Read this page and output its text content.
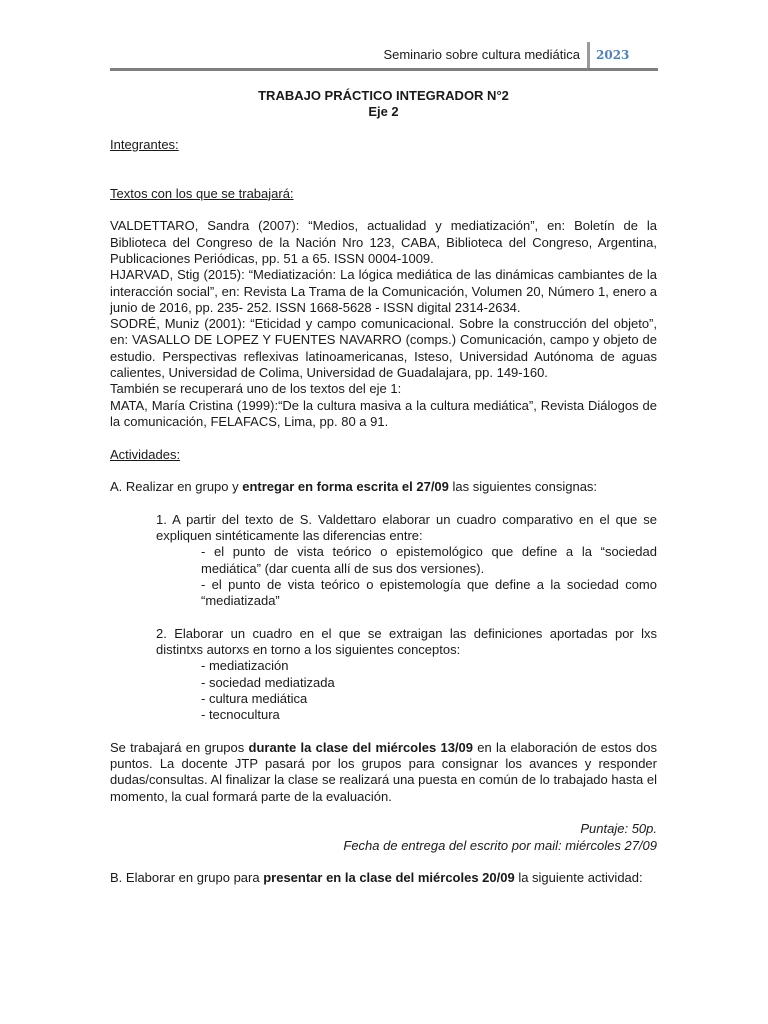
Seminario sobre cultura mediática 2023

TRABAJO PRÁCTICO INTEGRADOR N°2

Eje 2

Integrantes:

Textos con los que se trabajará:

VALDETTARO, Sandra (2007): “Medios, actualidad y mediatización”, en: Boletín de la Biblioteca del Congreso de la Nación Nro 123, CABA, Biblioteca del Congreso, Argentina, Publicaciones Periódicas, pp. 51 a 65. ISSN 0004-1009.

HJARVAD, Stig (2015): “Mediatización: La lógica mediática de las dinámicas cambiantes de la interacción social”, en: Revista La Trama de la Comunicación, Volumen 20, Número 1, enero a junio de 2016, pp. 235- 252. ISSN 1668-5628 - ISSN digital 2314-2634.

SODRÉ, Muniz (2001): “Eticidad y campo comunicacional. Sobre la construcción del objeto”, en: VASALLO DE LOPEZ Y FUENTES NAVARRO (comps.) Comunicación, campo y objeto de estudio. Perspectivas reflexivas latinoamericanas, Isteso, Universidad Autónoma de aguas calientes, Universidad de Colima, Universidad de Guadalajara, pp. 149-160.

También se recuperará uno de los textos del eje 1:

MATA, María Cristina (1999):“De la cultura masiva a la cultura mediática”, Revista Diálogos de la comunicación, FELAFACS, Lima, pp. 80 a 91.

Actividades:

A. Realizar en grupo y entregar en forma escrita el 27/09 las siguientes consignas:

1. A partir del texto de S. Valdettaro elaborar un cuadro comparativo en el que se expliquen sintéticamente las diferencias entre:

- el punto de vista teórico o epistemológico que define a la “sociedad mediática” (dar cuenta allí de sus dos versiones).

- el punto de vista teórico o epistemología que define a la sociedad como “mediatizada”

2. Elaborar un cuadro en el que se extraigan las definiciones aportadas por lxs distintxs autorxs en torno a los siguientes conceptos:

- mediatización

- sociedad mediatizada

- cultura mediática

- tecnocultura

Se trabajará en grupos durante la clase del miércoles 13/09 en la elaboración de estos dos puntos. La docente JTP pasará por los grupos para consignar los avances y responder dudas/consultas. Al finalizar la clase se realizará una puesta en común de lo trabajado hasta el momento, la cual formará parte de la evaluación.

Puntaje: 50p.

Fecha de entrega del escrito por mail: miércoles 27/09

B. Elaborar en grupo para presentar en la clase del miércoles 20/09 la siguiente actividad:
